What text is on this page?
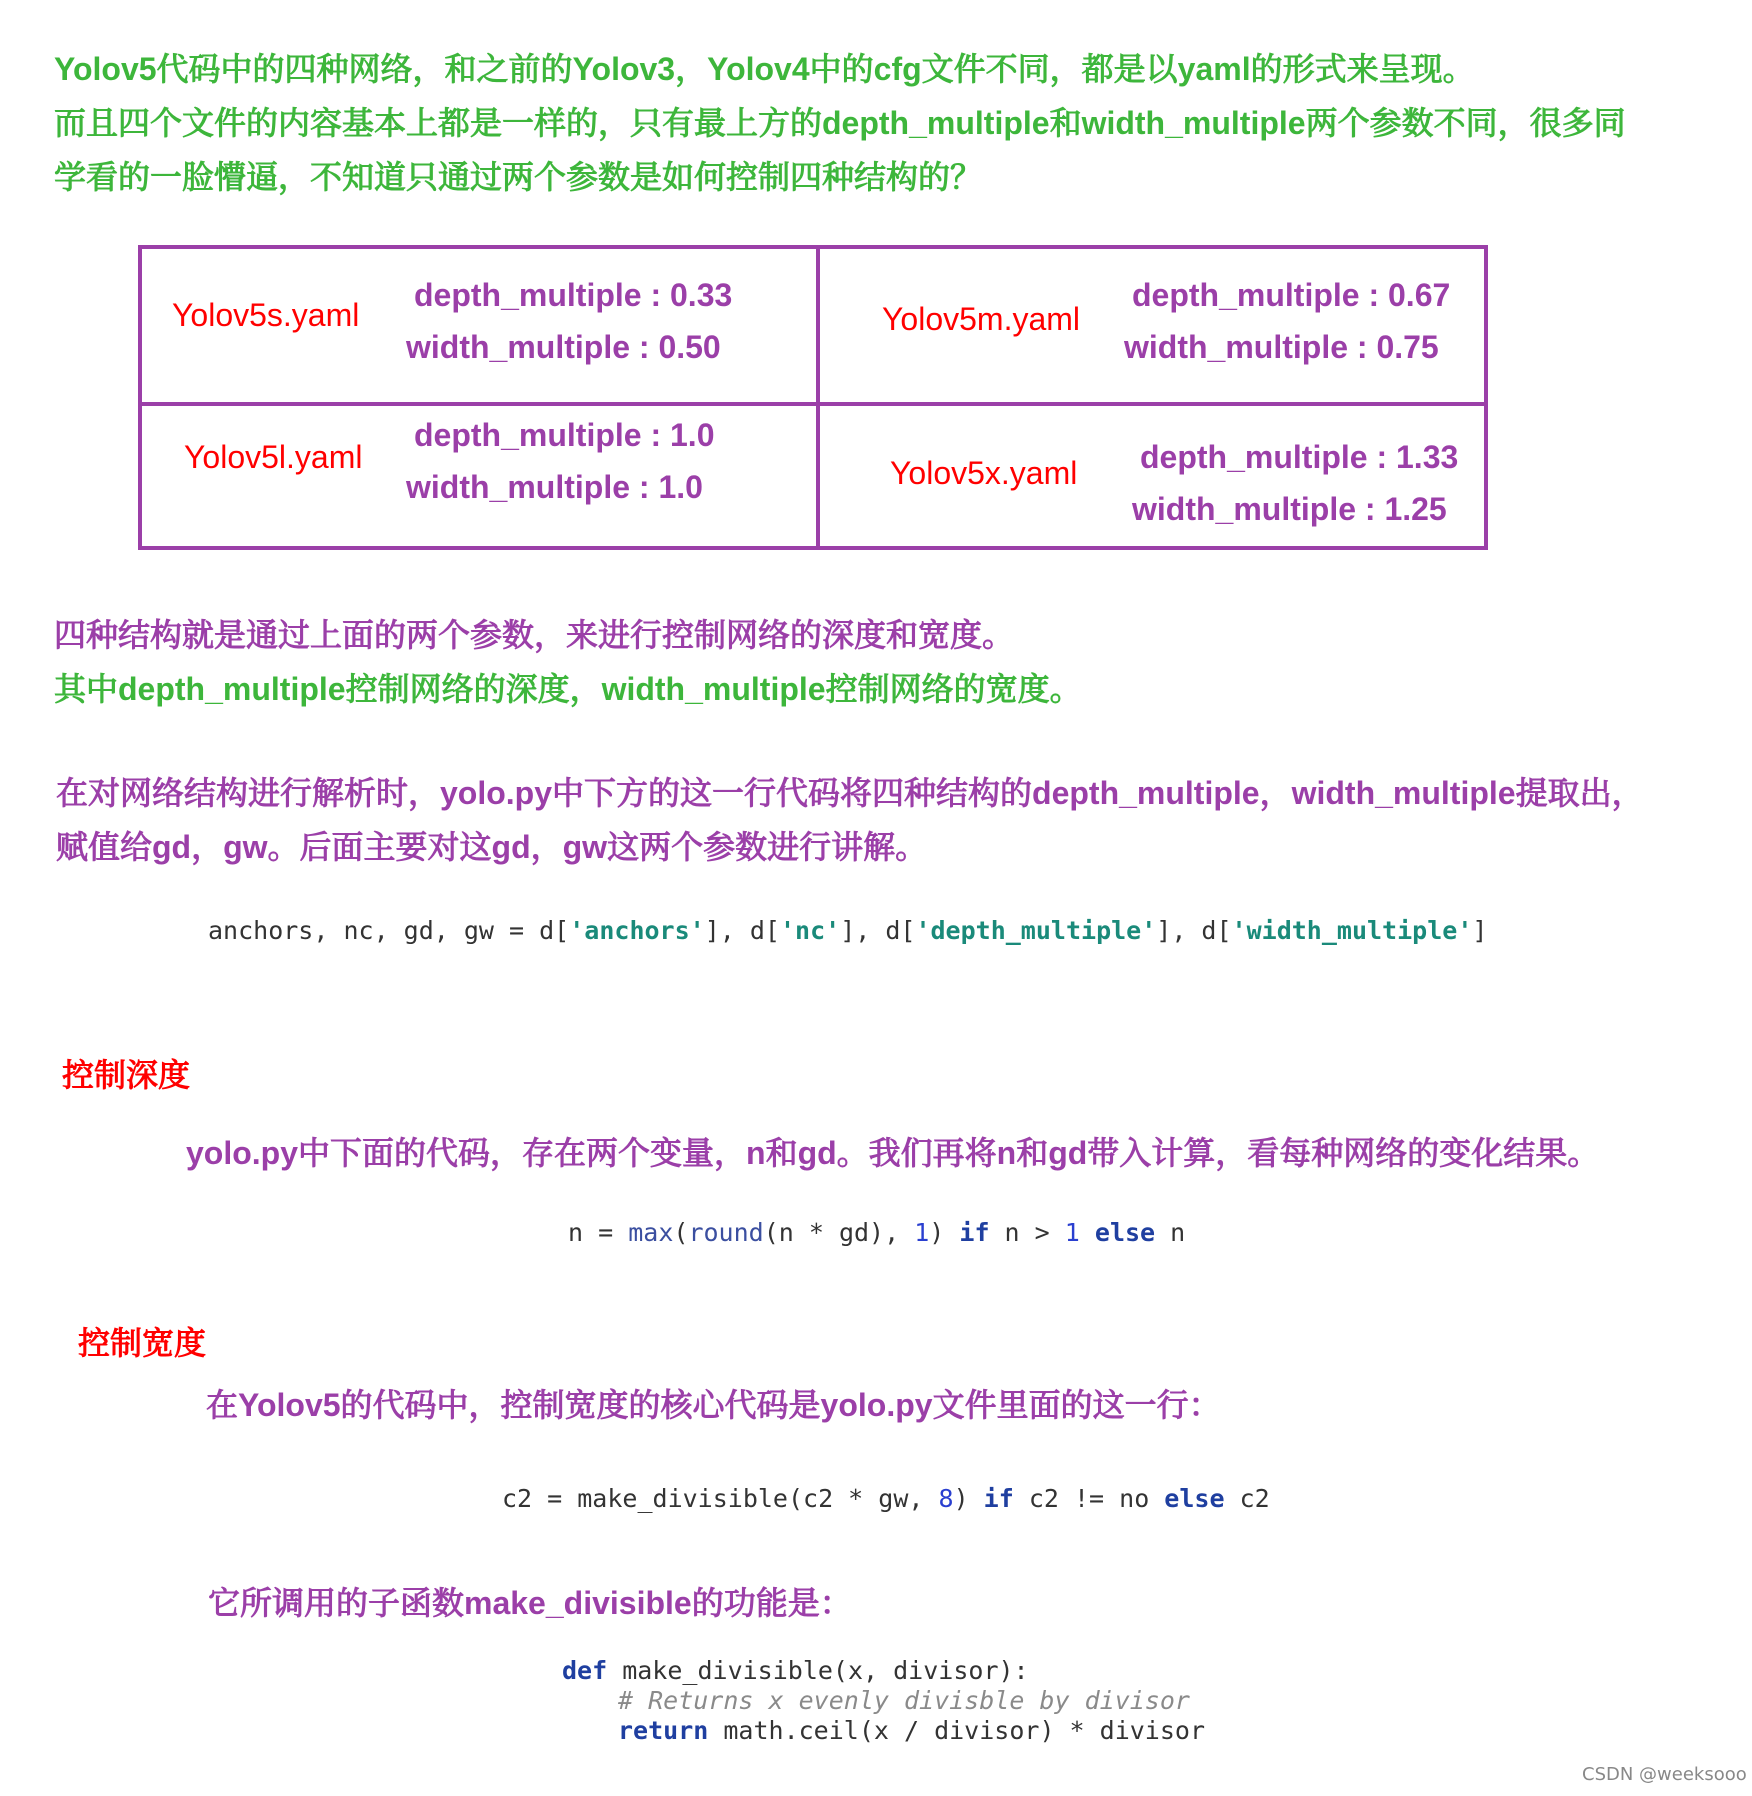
Yolov5代码中的四种网络，和之前的Yolov3，Yolov4中的cfg文件不同，都是以yaml的形式来呈现。
而且四个文件的内容基本上都是一样的，只有最上方的depth_multiple和width_multiple两个参数不同，很多同
学看的一脸懵逼，不知道只通过两个参数是如何控制四种结构的？
Yolov5s.yaml
depth_multiple : 0.33
width_multiple : 0.50
Yolov5m.yaml
depth_multiple : 0.67
width_multiple : 0.75
Yolov5l.yaml
depth_multiple : 1.0
width_multiple : 1.0	Yolov5x.yaml depth_multiple : 1.33
width_multiple : 1.25
四种结构就是通过上面的两个参数，来进行控制网络的深度和宽度。
其中depth_multiple控制网络的深度，width_multiple控制网络的宽度。
在对网络结构进行解析时，yolo.py中下方的这一行代码将四种结构的depth_multiple，width_multiple提取出，
赋值给gd，gw。后面主要对这gd，gw这两个参数进行讲解。
anchors, nc, gd, gw = d['anchors'], d['nc'], d['depth_multiple'], d['width_multiple']
控制深度
yolo.py中下面的代码，存在两个变量，n和gd。我们再将n和gd带入计算，看每种网络的变化结果。
n = max(round(n * gd), 1) if n > 1 else n
控制宽度
在Yolov5的代码中，控制宽度的核心代码是yolo.py文件里面的这一行：
c2 = make_divisible(c2 * gw, 8) if c2 != no else c2
它所调用的子函数make_divisible的功能是：
def make_divisible(x, divisor):
# Returns x evenly divisble by divisor
return math.ceil(x / divisor) * divisor
CSDN @weeksooo
